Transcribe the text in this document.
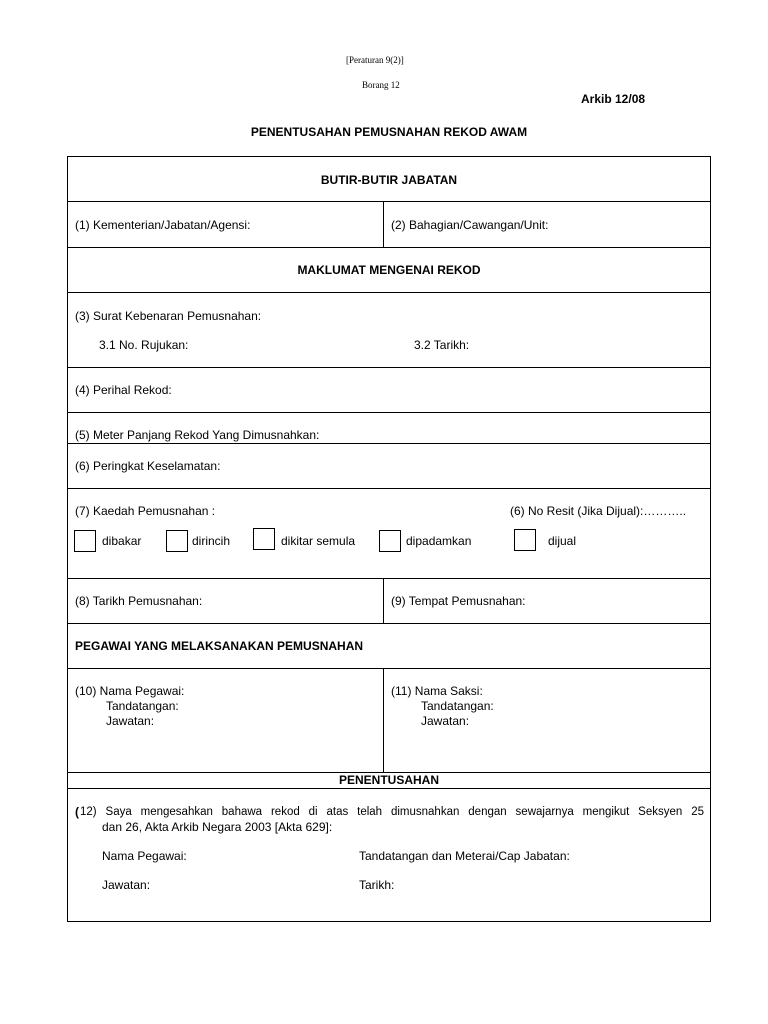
[Peraturan 9(2)]
Borang 12
Arkib 12/08
PENENTUSAHAN PEMUSNAHAN REKOD AWAM
BUTIR-BUTIR JABATAN
(1) Kementerian/Jabatan/Agensi:	(2) Bahagian/Cawangan/Unit:
MAKLUMAT MENGENAI REKOD
(3) Surat Kebenaran Pemusnahan:
3.1 No. Rujukan:	3.2 Tarikh:
(4) Perihal Rekod:
(5) Meter Panjang Rekod Yang Dimusnahkan:
(6) Peringkat Keselamatan:
(7) Kaedah Pemusnahan :	(6) No Resit (Jika Dijual):………..
dibakar	dirincih	dikitar semula	dipadamkan	dijual
(8) Tarikh Pemusnahan:	(9) Tempat Pemusnahan:
PEGAWAI YANG MELAKSANAKAN PEMUSNAHAN
(10) Nama Pegawai:
Tandatangan:
Jawatan:
(11) Nama Saksi:
Tandatangan:
Jawatan:
PENENTUSAHAN
( 12) Saya mengesahkan bahawa rekod di atas telah dimusnahkan dengan sewajarnya mengikut Seksyen 25
dan 26, Akta Arkib Negara 2003 [Akta 629]:
Nama Pegawai:	Tandatangan dan Meterai/Cap Jabatan:
Jawatan:	Tarikh:
